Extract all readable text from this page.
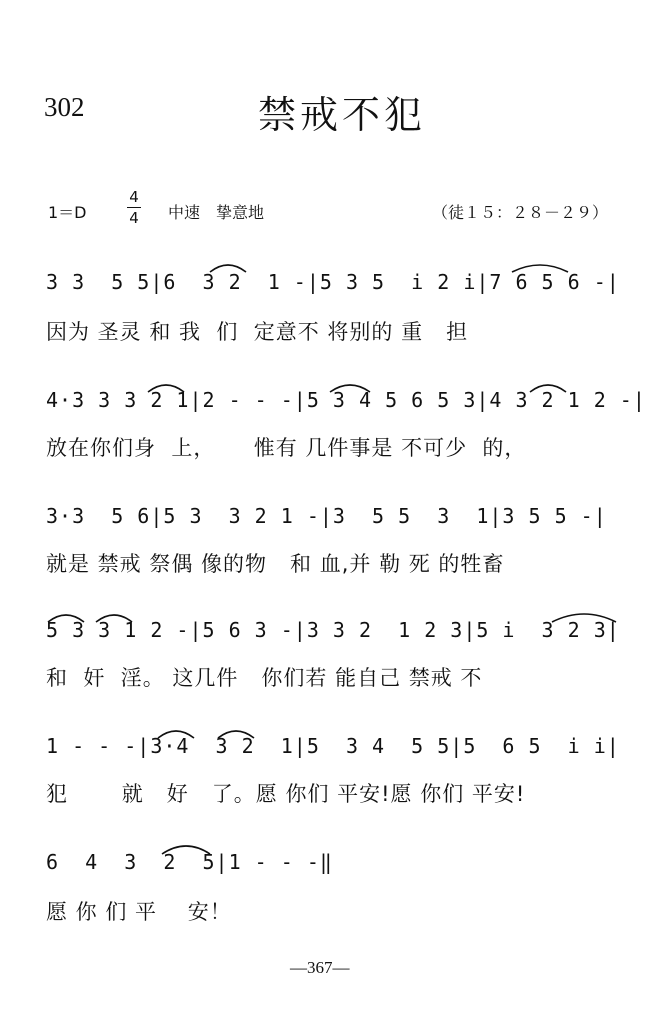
302	禁戒不犯
1＝D
4
4	中速　挚意地	（徒１５：２８－２９）
3 3  5 5|6  3 2  1 -|5 3 5  i 2 i|7 6 5 6 -|
因为 圣灵 和 我  们  定意不 将别的 重   担
4·3 3 3 2 1|2 - - -|5 3 4 5 6 5 3|4 3 2 1 2 -|
放在你们身  上，     惟有 几件事是 不可少  的，
3·3  5 6|5 3  3 2 1 -|3  5 5  3  1|3 5 5 -|
就是 禁戒 祭偶 像的物   和 血,并 勒 死 的牲畜
5 3 3 1 2 -|5 6 3 -|3 3 2  1 2 3|5 i  3 2 3|
和  奸  淫。 这几件   你们若 能自己 禁戒 不
1 - - -|3·4  3 2  1|5  3 4  5 5|5  6 5  i i|
犯       就   好   了。愿 你们 平安!愿 你们 平安!
6  4  3  2  5|1 - - -‖
愿 你 们 平    安！
—367—
